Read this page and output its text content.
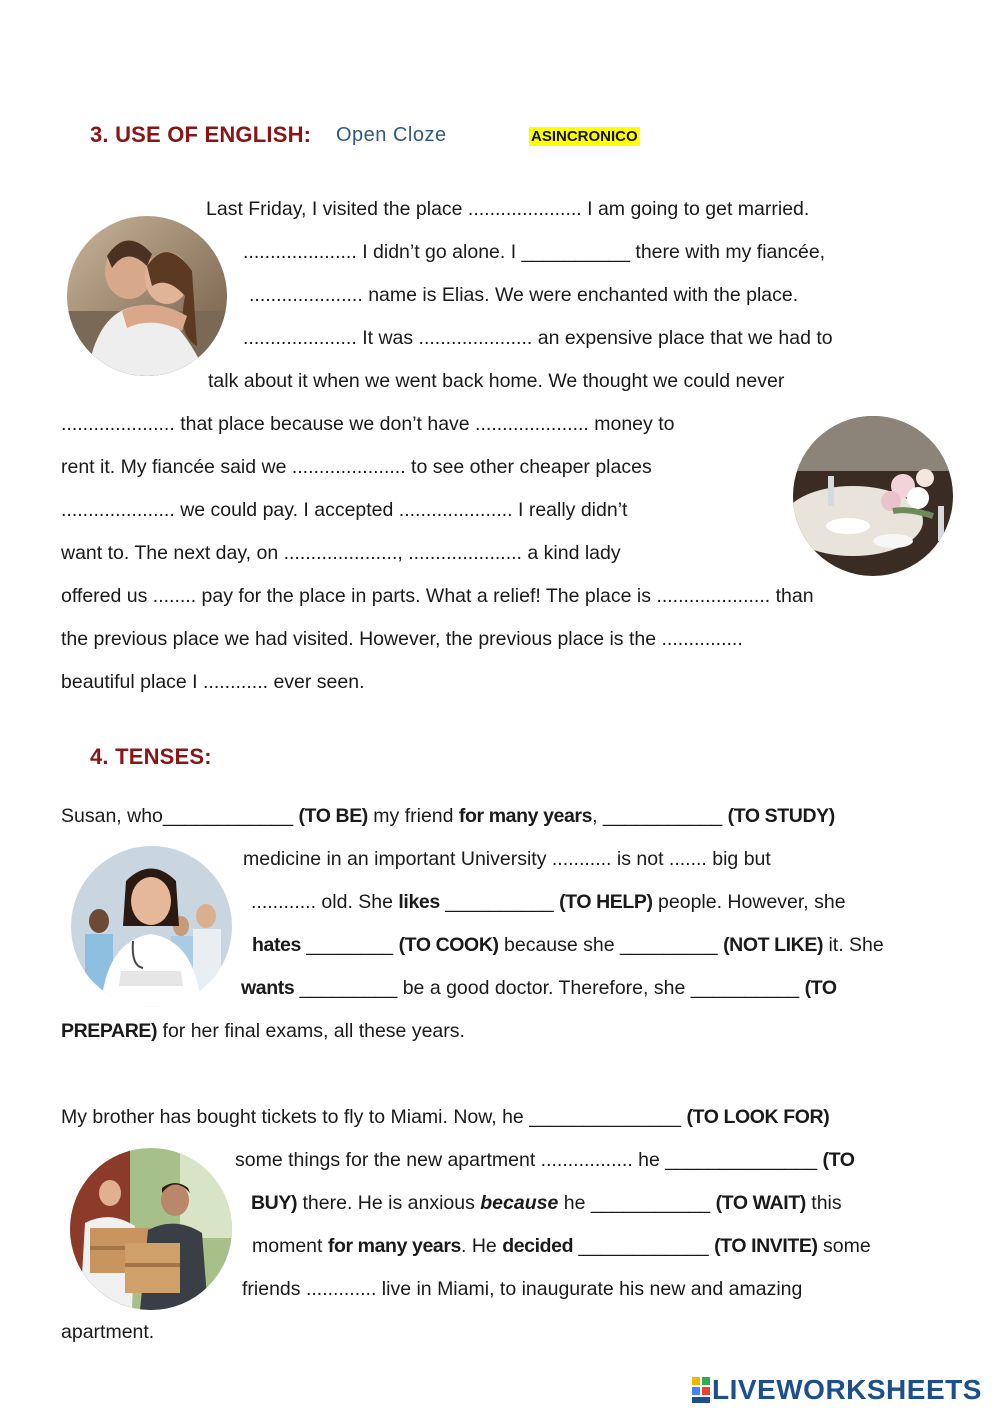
3. USE OF ENGLISH: Open Cloze	ASINCRONICO
Last Friday, I visited the place ..................... I am going to get married.
..................... I didn’t go alone. I __________ there with my fiancée,
..................... name is Elias. We were enchanted with the place.
..................... It was ..................... an expensive place that we had to
talk about it when we went back home. We thought we could never
..................... that place because we don’t have ..................... money to
rent it. My fiancée said we ..................... to see other cheaper places
..................... we could pay. I accepted ..................... I really didn’t
want to. The next day, on ....................., ..................... a kind lady
offered us ........ pay for the place in parts. What a relief! The place is ..................... than
the previous place we had visited. However, the previous place is the ...............
beautiful place I ............ ever seen.
4. TENSES:
Susan, who____________ (TO BE) my friend for many years, ___________ (TO STUDY)
medicine in an important University ........... is not ....... big but
............ old. She likes __________ (TO HELP) people. However, she
hates ________ (TO COOK) because she _________ (NOT LIKE) it. She
wants _________ be a good doctor. Therefore, she __________ (TO
PREPARE) for her final exams, all these years.
My brother has bought tickets to fly to Miami. Now, he ______________ (TO LOOK FOR)
some things for the new apartment ................. he ______________ (TO
BUY) there. He is anxious because he ___________ (TO WAIT) this
moment for many years. He decided ____________ (TO INVITE) some
friends ............. live in Miami, to inaugurate his new and amazing
apartment.
LIVEWORKSHEETS
